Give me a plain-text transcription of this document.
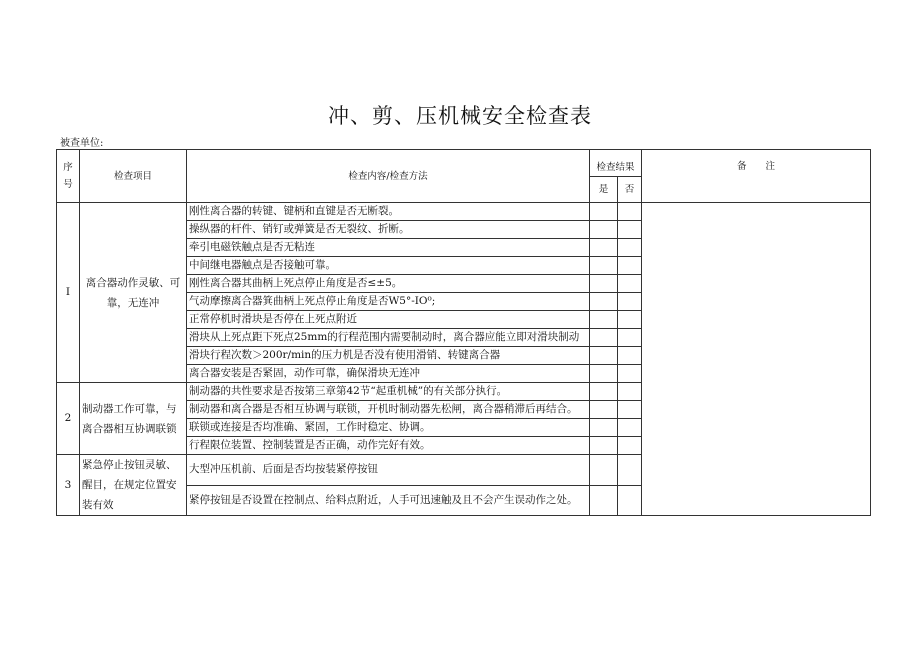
冲、剪、压机械安全检查表
被查单位:
序号	检查项目	检查内容/检查方法	检查结果		备　　注
			是	否	
I	离合器动作灵敏、可靠，无连冲	刚性离合器的转键、键柄和直键是否无断裂。			
		操纵器的杆件、销钉或弹簧是否无裂纹、折断。			
		牵引电磁铁触点是否无粘连			
		中间继电器触点是否接触可靠。			
		刚性离合器其曲柄上死点停止角度是否≤±5。			
		气动摩擦离合器箕曲柄上死点停止角度是否W5°-IO⁰;			
		正常停机时滑块是否停在上死点附近			
		滑块从上死点距下死点25mm的行程范围内需要制动时，离合器应能立即对滑块制动			
		滑块行程次数＞200r/min的压力机是否没有使用滑销、转键离合器			
		离合器安装是否紧固，动作可靠，确保滑块无连冲			
2	制动器工作可靠，与离合器相互协调联锁	制动器的共性要求是否按第三章第42节“起重机械”的有关部分执行。			
		制动器和离合器是否相互协调与联锁，开机时制动器先松闸，离合器稍滞后再结合。			
		联锁或连接是否均准确、紧固，工作时稳定、协调。			
		行程限位装置、控制装置是否正确，动作完好有效。			
3	紧急停止按钮灵敏、醒目，在规定位置安装有效	大型冲压机前、后面是否均按装紧停按钮			
		紧停按钮是否设置在控制点、给料点附近，人手可迅速触及且不会产生误动作之处。			
